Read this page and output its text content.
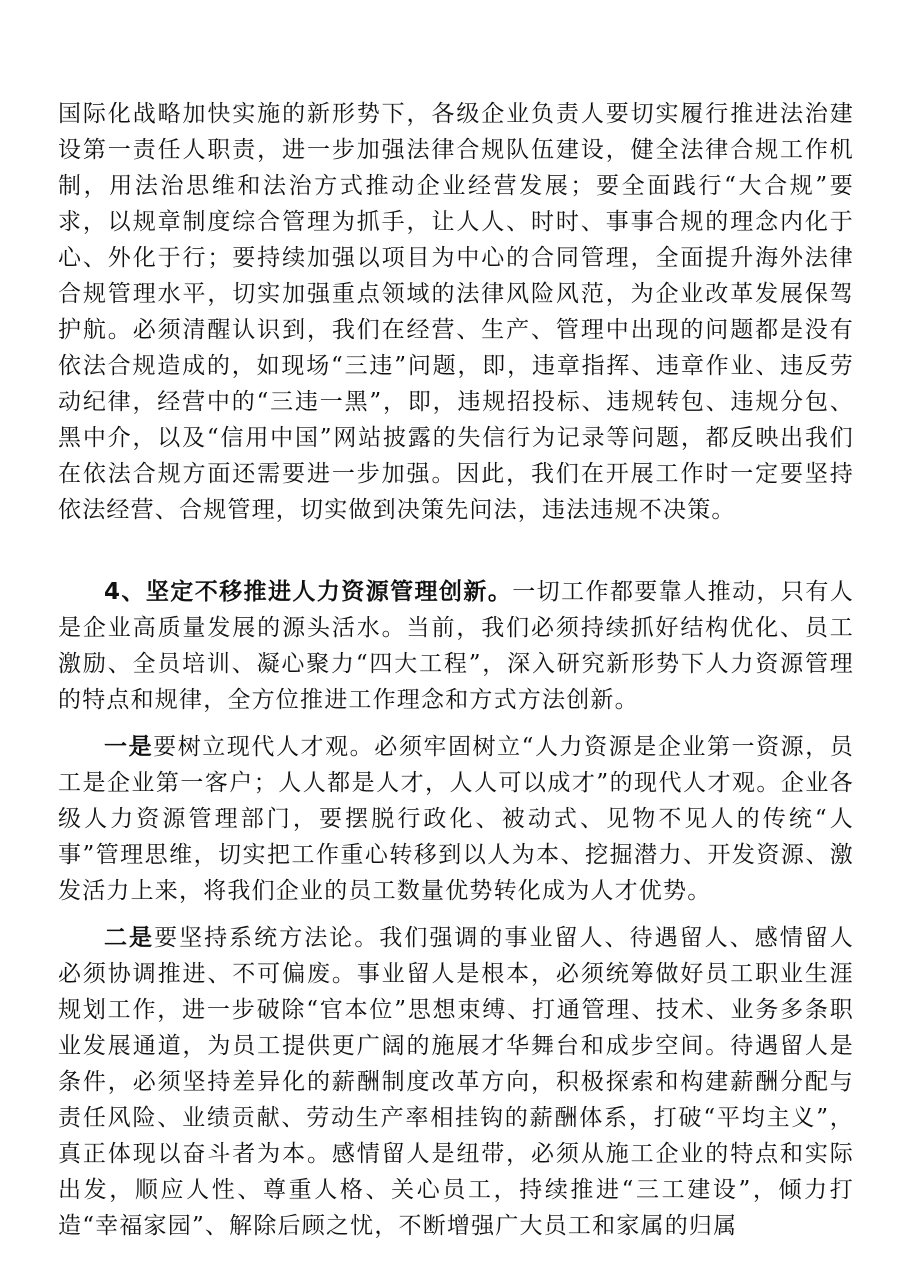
国际化战略加快实施的新形势下，各级企业负责人要切实履行推进法治建设第一责任人职责，进一步加强法律合规队伍建设，健全法律合规工作机制，用法治思维和法治方式推动企业经营发展；要全面践行“大合规”要求，以规章制度综合管理为抓手，让人人、时时、事事合规的理念内化于心、外化于行；要持续加强以项目为中心的合同管理，全面提升海外法律合规管理水平，切实加强重点领域的法律风险风范，为企业改革发展保驾护航。必须清醒认识到，我们在经营、生产、管理中出现的问题都是没有依法合规造成的，如现场“三违”问题，即，违章指挥、违章作业、违反劳动纪律，经营中的“三违一黑”，即，违规招投标、违规转包、违规分包、黑中介，以及“信用中国”网站披露的失信行为记录等问题，都反映出我们在依法合规方面还需要进一步加强。因此，我们在开展工作时一定要坚持依法经营、合规管理，切实做到决策先问法，违法违规不决策。

4、坚定不移推进人力资源管理创新。一切工作都要靠人推动，只有人是企业高质量发展的源头活水。当前，我们必须持续抓好结构优化、员工激励、全员培训、凝心聚力“四大工程”，深入研究新形势下人力资源管理的特点和规律，全方位推进工作理念和方式方法创新。

一是要树立现代人才观。必须牢固树立“人力资源是企业第一资源，员工是企业第一客户；人人都是人才，人人可以成才”的现代人才观。企业各级人力资源管理部门，要摆脱行政化、被动式、见物不见人的传统“人事”管理思维，切实把工作重心转移到以人为本、挖掘潜力、开发资源、激发活力上来，将我们企业的员工数量优势转化成为人才优势。

二是要坚持系统方法论。我们强调的事业留人、待遇留人、感情留人必须协调推进、不可偏废。事业留人是根本，必须统筹做好员工职业生涯规划工作，进一步破除“官本位”思想束缚、打通管理、技术、业务多条职业发展通道，为员工提供更广阔的施展才华舞台和成步空间。待遇留人是条件，必须坚持差异化的薪酬制度改革方向，积极探索和构建薪酬分配与责任风险、业绩贡献、劳动生产率相挂钩的薪酬体系，打破“平均主义”，真正体现以奋斗者为本。感情留人是纽带，必须从施工企业的特点和实际出发，顺应人性、尊重人格、关心员工，持续推进“三工建设”，倾力打造“幸福家园”、解除后顾之忧，不断增强广大员工和家属的归属
